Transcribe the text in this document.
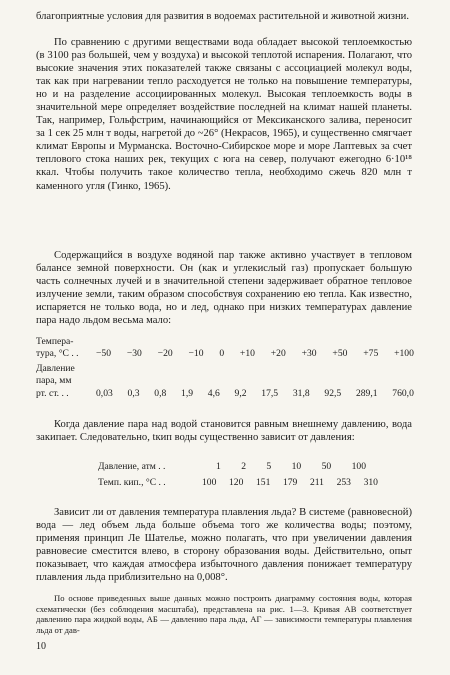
благоприятные условия для развития в водоемах растительной и животной жизни.

По сравнению с другими веществами вода обладает высокой теплоемкостью (в 3100 раз большей, чем у воздуха) и высокой теплотой испарения. Полагают, что высокие значения этих показателей также связаны с ассоциацией молекул воды, так как при нагревании тепло расходуется не только на повышение температуры, но и на разделение ассоциированных молекул. Высокая теплоемкость воды в значительной мере определяет воздействие последней на климат нашей планеты. Так, например, Гольфстрим, начинающийся от Мексиканского залива, переносит за 1 сек 25 млн т воды, нагретой до ~26° (Некрасов, 1965), и существенно смягчает климат Европы и Мурманска. Восточно-Сибирское море и море Лаптевых за счет теплового стока наших рек, текущих с юга на север, получают ежегодно 6·10¹⁸ ккал. Чтобы получить такое количество тепла, необходимо сжечь 820 млн т каменного угля (Гинко, 1965).

Содержащийся в воздухе водяной пар также активно участвует в тепловом балансе земной поверхности. Он (как и углекислый газ) пропускает большую часть солнечных лучей и в значительной степени задерживает обратное тепловое излучение земли, таким образом способствуя сохранению ею тепла. Как известно, испаряется не только вода, но и лед, однако при низких температурах давление пара надо льдом весьма мало:

Темпера-
тура, °С . .	−50 −30 −20 −10 0 +10 +20 +30 +50 +75 +100
Давление
пара, мм
рт. ст. . .	0,03 0,3 0,8 1,9 4,6 9,2 17,5 31,8 92,5 289,1 760,0

Когда давление пара над водой становится равным внешнему давлению, вода закипает. Следовательно, tкип воды существенно зависит от давления:

Давление, атм . .	1 2 5 10 50 100
Темп. кип., °С . .	100 120 151 179 211 253 310

Зависит ли от давления температура плавления льда? В системе (равновесной) вода — лед объем льда больше объема того же количества воды; поэтому, применяя принцип Ле Шателье, можно полагать, что при увеличении давления равновесие сместится влево, в сторону образования воды. Действительно, опыт показывает, что каждая атмосфера избыточного давления понижает температуру плавления льда приблизительно на 0,008°.

По основе приведенных выше данных можно построить диаграмму состояния воды, которая схематически (без соблюдения масштаба), представлена на рис. 1—3. Кривая АВ соответствует давлению пара жидкой воды, АБ — давлению пара льда, АГ — зависимости температуры плавления льда от дав-

10
